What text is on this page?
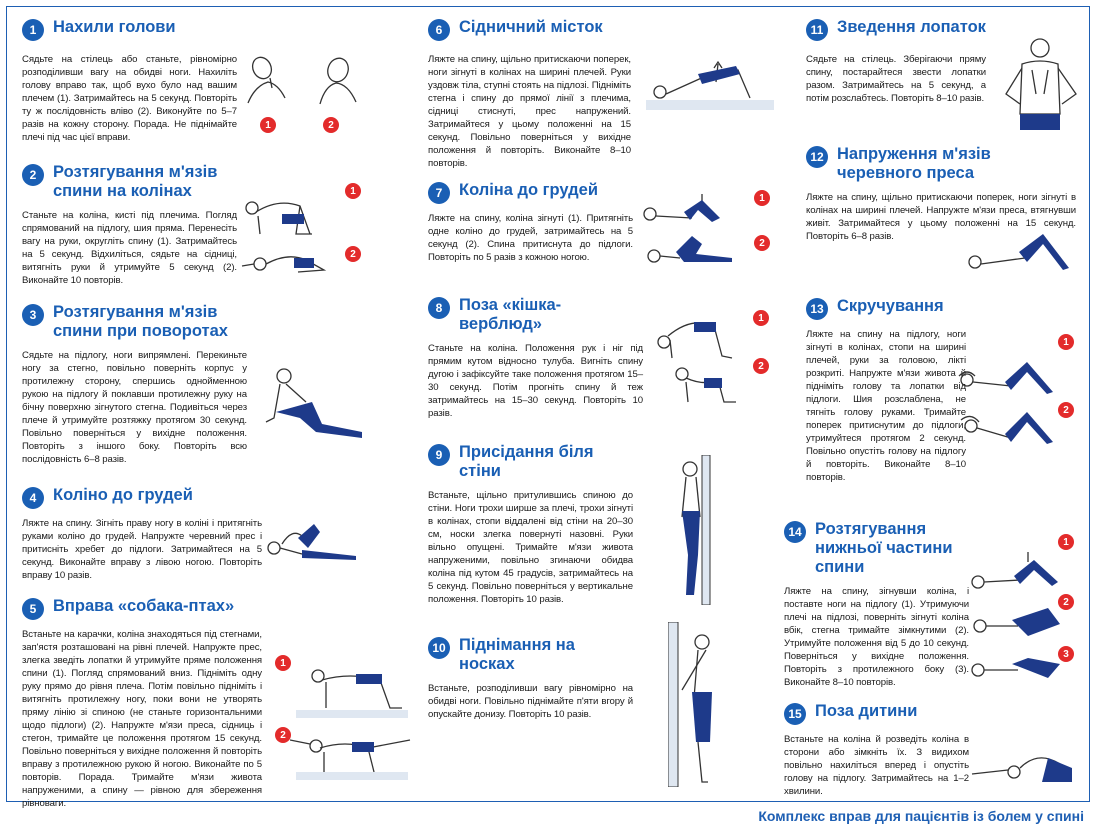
1	Нахили голови
Сядьте на стілець або станьте, рівномірно розподіливши вагу на обидві ноги. Нахиліть голову вправо так, щоб вухо було над вашим плечем (1). Затримайтесь на 5 секунд. Повторіть ту ж послідовність вліво (2). Виконуйте по 5–7 разів на кожну сторону. Порада. Не піднімайте плечі під час цієї вправи.
1	2
2	Розтягування м'язів спини на колінах
Станьте на коліна, кисті під плечима. Погляд спрямований на підлогу, шия пряма. Перенесіть вагу на руки, округліть спину (1). Затримайтесь на 5 секунд. Відхиліться, сядьте на сідниці, витягніть руки й утримуйте 5 секунд (2). Виконайте 10 повторів.
1
2
3	Розтягування м'язів спини при поворотах
Сядьте на підлогу, ноги випрямлені. Перекиньте ногу за стегно, повільно поверніть корпус у протилежну сторону, спершись однойменною рукою на підлогу й поклавши протилежну руку на бічну поверхню зігнутого стегна. Подивіться через плече й утримуйте розтяжку протягом 30 секунд. Повільно поверніться у вихідне положення. Повторіть з іншого боку. Повторіть всю послідовність 6–8 разів.
4	Коліно до грудей
Ляжте на спину. Зігніть праву ногу в коліні і притягніть руками коліно до грудей. Напружте черевний прес і притисніть хребет до підлоги. Затримайтеся на 5 секунд. Виконайте вправу з лівою ногою. Повторіть вправу 10 разів.
5	Вправа «собака-птах»
Встаньте на карачки, коліна знаходяться під стегнами, зап'ястя розташовані на рівні плечей. Напружте прес, злегка зведіть лопатки й утримуйте пряме положення спини (1). Погляд спрямований вниз. Підніміть одну руку прямо до рівня плеча. Потім повільно підніміть і витягніть протилежну ногу, поки вони не утворять пряму лінію зі спиною (не станьте горизонтальними щодо підлоги) (2). Напружте м'язи преса, сідниць і стегон, тримайте це положення протягом 15 секунд. Повільно поверніться у вихідне положення й повторіть вправу з протилежною рукою й ногою. Виконайте по 5 повторів. Порада. Тримайте м'язи живота напруженими, а спину — рівною для збереження рівноваги.
1
2
6	Сідничний місток
Ляжте на спину, щільно притискаючи поперек, ноги зігнуті в колінах на ширині плечей. Руки уздовж тіла, ступні стоять на підлозі. Підніміть стегна і спину до прямої лінії з плечима, сідниці стиснуті, прес напружений. Затримайтеся у цьому положенні на 15 секунд. Повільно поверніться у вихідне положення й повторіть. Виконайте 8–10 повторів.
7	Коліна до грудей
Ляжте на спину, коліна зігнуті (1). Притягніть одне коліно до грудей, затримайтесь на 5 секунд (2). Спина притиснута до підлоги. Повторіть по 5 разів з кожною ногою.
1
2
8	Поза «кішка-верблюд»
Станьте на коліна. Положення рук і ніг під прямим кутом відносно тулуба. Вигніть спину дугою і зафіксуйте таке положення протягом 15–30 секунд. Потім прогніть спину й теж затримайтесь на 15–30 секунд. Повторіть 10 разів.
1
2
9	Присідання біля стіни
Встаньте, щільно притулившись спиною до стіни. Ноги трохи ширше за плечі, трохи зігнуті в колінах, стопи віддалені від стіни на 20–30 см, носки злегка повернуті назовні. Руки вільно опущені. Тримайте м'язи живота напруженими, повільно згинаючи обидва коліна під кутом 45 градусів, затримайтесь на 5 секунд. Повільно поверніться у вертикальне положення. Повторіть 10 разів.
10 Піднімання на носках
Встаньте, розподіливши вагу рівномірно на обидві ноги. Повільно піднімайте п'яти вгору й опускайте донизу. Повторіть 10 разів.
11 Зведення лопаток
Сядьте на стілець. Зберігаючи пряму спину, постарайтеся звести лопатки разом. Затримайтесь на 5 секунд, а потім розслабтесь. Повторіть 8–10 разів.
12 Напруження м'язів черевного преса
Ляжте на спину, щільно притискаючи поперек, ноги зігнуті в колінах на ширині плечей. Напружте м'язи преса, втягнувши живіт. Затримайтеся у цьому положенні на 15 секунд. Повторіть 6–8 разів.
13 Скручування
Ляжте на спину на підлогу, ноги зігнуті в колінах, стопи на ширині плечей, руки за головою, лікті розкриті. Напружте м'язи живота й підніміть голову та лопатки від підлоги. Шия розслаблена, не тягніть голову руками. Тримайте поперек притиснутим до підлоги, утримуйтеся протягом 2 секунд. Повільно опустіть голову на підлогу й повторіть. Виконайте 8–10 повторів.
1
2
14 Розтягування нижньої частини спини
Ляжте на спину, зігнувши коліна, і поставте ноги на підлогу (1). Утримуючи плечі на підлозі, поверніть зігнуті коліна вбік, стегна тримайте зімкнутими (2). Утримуйте положення від 5 до 10 секунд. Поверніться у вихідне положення. Повторіть з протилежного боку (3). Виконайте 8–10 повторів.
1
2
3
15 Поза дитини
Встаньте на коліна й розведіть коліна в сторони або зімкніть їх. З видихом повільно нахиліться вперед і опустіть голову на підлогу. Затримайтесь на 1–2 хвилини.
Комплекс вправ для пацієнтів із болем у спині
